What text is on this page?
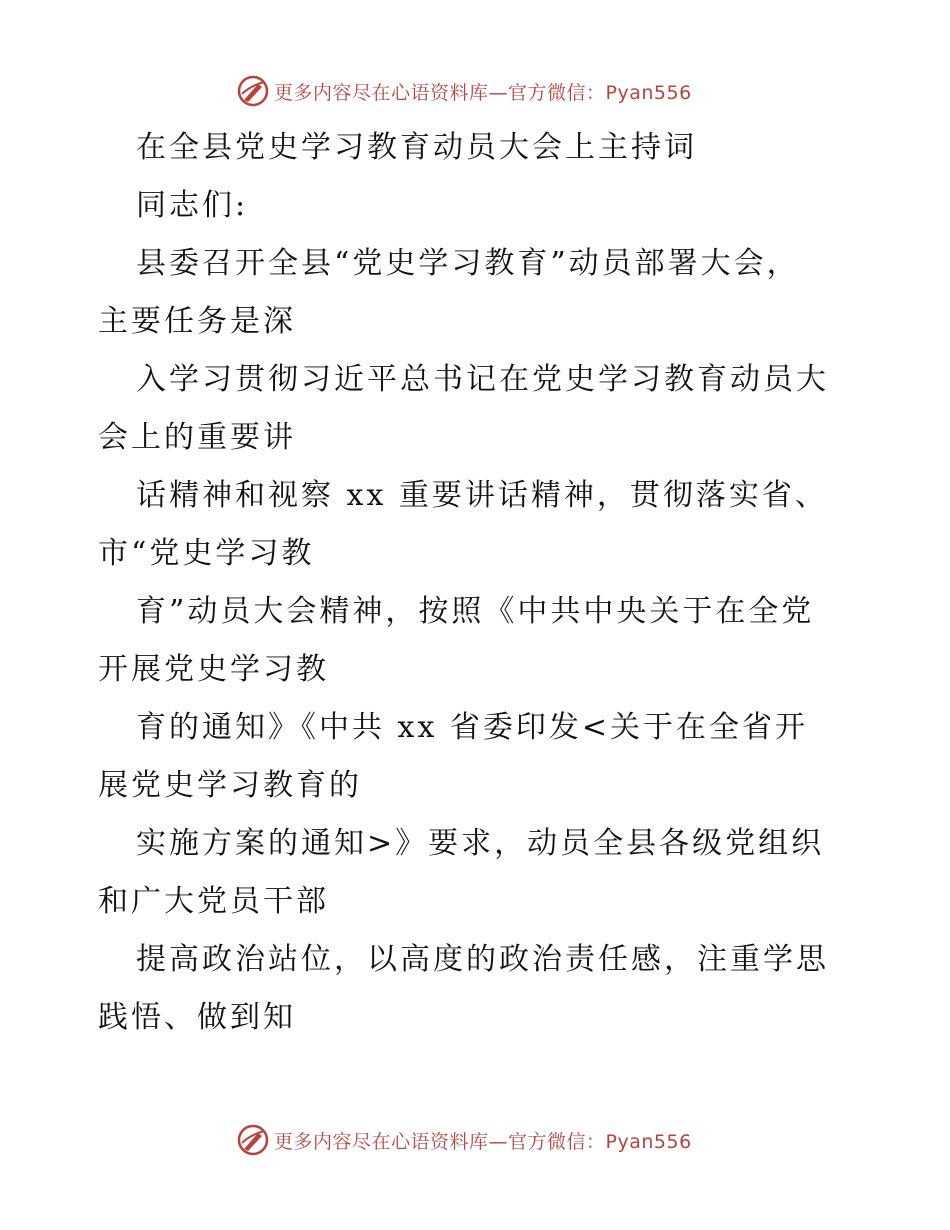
更多内容尽在心语资料库—官方微信：Pyan556
在全县党史学习教育动员大会上主持词
同志们:
县委召开全县“党史学习教育”动员部署大会，
主要任务是深
入学习贯彻习近平总书记在党史学习教育动员大
会上的重要讲
话精神和视察 xx 重要讲话精神，贯彻落实省、
市“党史学习教
育”动员大会精神，按照《中共中央关于在全党
开展党史学习教
育的通知》《中共 xx 省委印发<关于在全省开
展党史学习教育的
实施方案的通知>》要求，动员全县各级党组织
和广大党员干部
提高政治站位，以高度的政治责任感，注重学思
践悟、做到知
更多内容尽在心语资料库—官方微信：Pyan556
